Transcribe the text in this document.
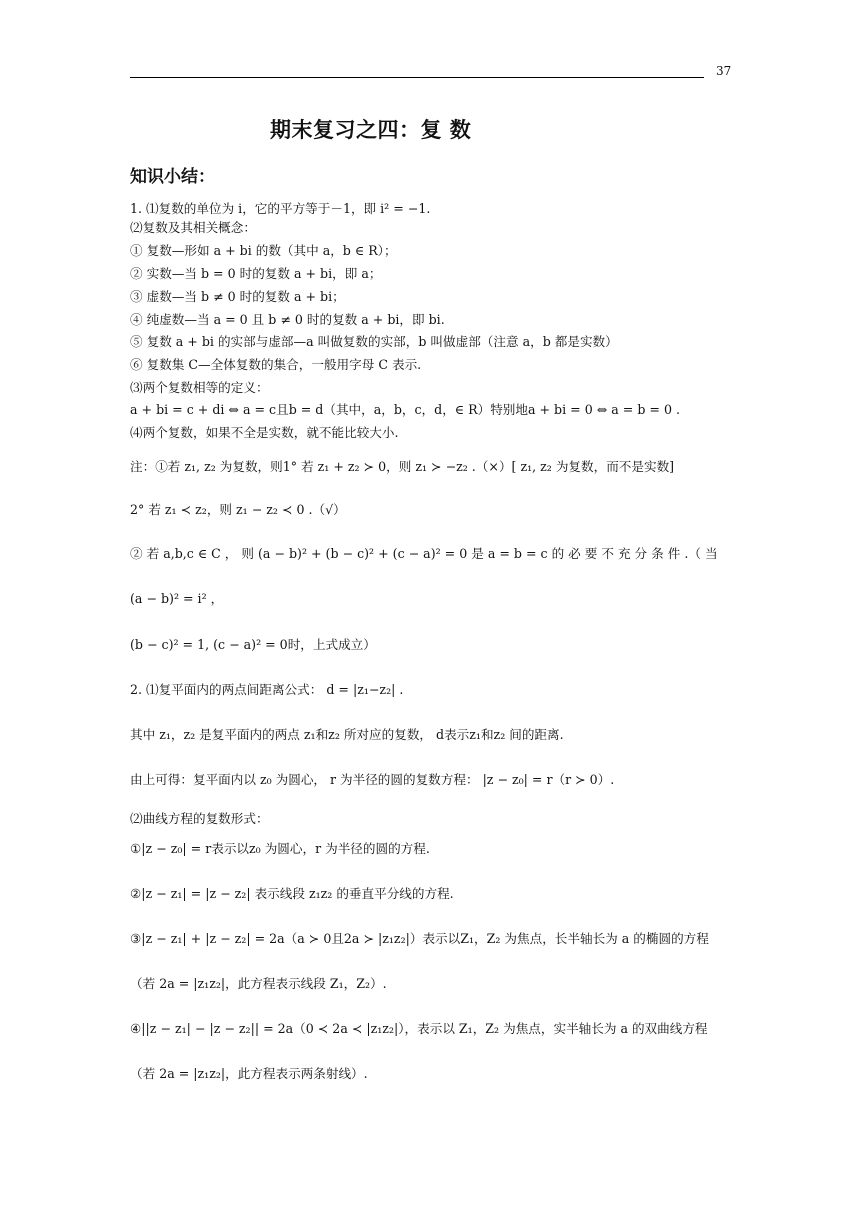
37
期末复习之四：复 数
知识小结：
1. ⑴复数的单位为 i，它的平方等于－1，即 i² = −1.
⑵复数及其相关概念：
① 复数—形如 a + bi 的数（其中 a，b ∈ R）；
② 实数—当 b = 0 时的复数 a + bi，即 a；
③ 虚数—当 b ≠ 0 时的复数 a + bi；
④ 纯虚数—当 a = 0 且 b ≠ 0 时的复数 a + bi，即 bi.
⑤ 复数 a + bi 的实部与虚部—a 叫做复数的实部，b 叫做虚部（注意 a，b 都是实数）
⑥ 复数集 C—全体复数的集合，一般用字母 C 表示.
⑶两个复数相等的定义：
a + bi = c + di ⇔ a = c且b = d（其中，a，b，c，d，∈ R）特别地a + bi = 0 ⇔ a = b = 0 .
⑷两个复数，如果不全是实数，就不能比较大小.
注：①若 z₁, z₂ 为复数，则1° 若 z₁ + z₂ ≻ 0，则 z₁ ≻ −z₂ .（×）[ z₁, z₂ 为复数，而不是实数]
2° 若 z₁ ≺ z₂，则 z₁ − z₂ ≺ 0 .（√）
② 若 a,b,c ∈ C ， 则 (a − b)² + (b − c)² + (c − a)² = 0 是 a = b = c 的 必 要 不 充 分 条 件 .（ 当
(a − b)² = i² ，
(b − c)² = 1, (c − a)² = 0时，上式成立）
2. ⑴复平面内的两点间距离公式： d = |z₁−z₂| .
其中 z₁，z₂ 是复平面内的两点 z₁和z₂ 所对应的复数， d表示z₁和z₂ 间的距离.
由上可得：复平面内以 z₀ 为圆心， r 为半径的圆的复数方程： |z − z₀| = r（r ≻ 0）.
⑵曲线方程的复数形式：
①|z − z₀| = r表示以z₀ 为圆心，r 为半径的圆的方程.
②|z − z₁| = |z − z₂| 表示线段 z₁z₂ 的垂直平分线的方程.
③|z − z₁| + |z − z₂| = 2a（a ≻ 0且2a ≻ |z₁z₂|）表示以Z₁，Z₂ 为焦点，长半轴长为 a 的椭圆的方程
（若 2a = |z₁z₂|，此方程表示线段 Z₁，Z₂）.
④||z − z₁| − |z − z₂|| = 2a（0 ≺ 2a ≺ |z₁z₂|），表示以 Z₁，Z₂ 为焦点，实半轴长为 a 的双曲线方程
（若 2a = |z₁z₂|，此方程表示两条射线）.
